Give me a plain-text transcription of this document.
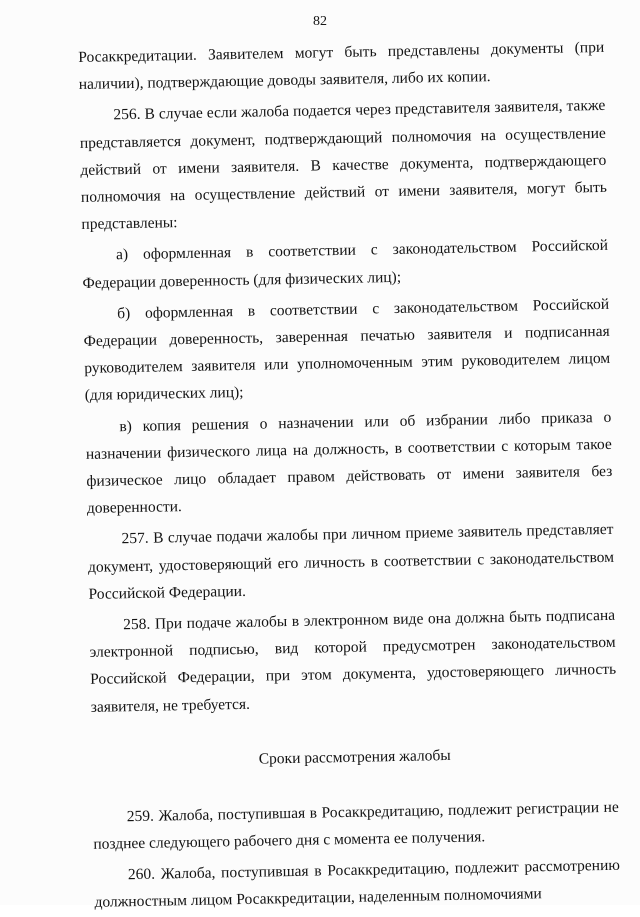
82

Росаккредитации. Заявителем могут быть представлены документы (при наличии), подтверждающие доводы заявителя, либо их копии.

256. В случае если жалоба подается через представителя заявителя, также представляется документ, подтверждающий полномочия на осуществление действий от имени заявителя. В качестве документа, подтверждающего полномочия на осуществление действий от имени заявителя, могут быть представлены:

а) оформленная в соответствии с законодательством Российской Федерации доверенность (для физических лиц);

б) оформленная в соответствии с законодательством Российской Федерации доверенность, заверенная печатью заявителя и подписанная руководителем заявителя или уполномоченным этим руководителем лицом (для юридических лиц);

в) копия решения о назначении или об избрании либо приказа о назначении физического лица на должность, в соответствии с которым такое физическое лицо обладает правом действовать от имени заявителя без доверенности.

257. В случае подачи жалобы при личном приеме заявитель представляет документ, удостоверяющий его личность в соответствии с законодательством Российской Федерации.

258. При подаче жалобы в электронном виде она должна быть подписана электронной подписью, вид которой предусмотрен законодательством Российской Федерации, при этом документа, удостоверяющего личность заявителя, не требуется.

Сроки рассмотрения жалобы

259. Жалоба, поступившая в Росаккредитацию, подлежит регистрации не позднее следующего рабочего дня с момента ее получения.

260. Жалоба, поступившая в Росаккредитацию, подлежит рассмотрению должностным лицом Росаккредитации, наделенным полномочиями
